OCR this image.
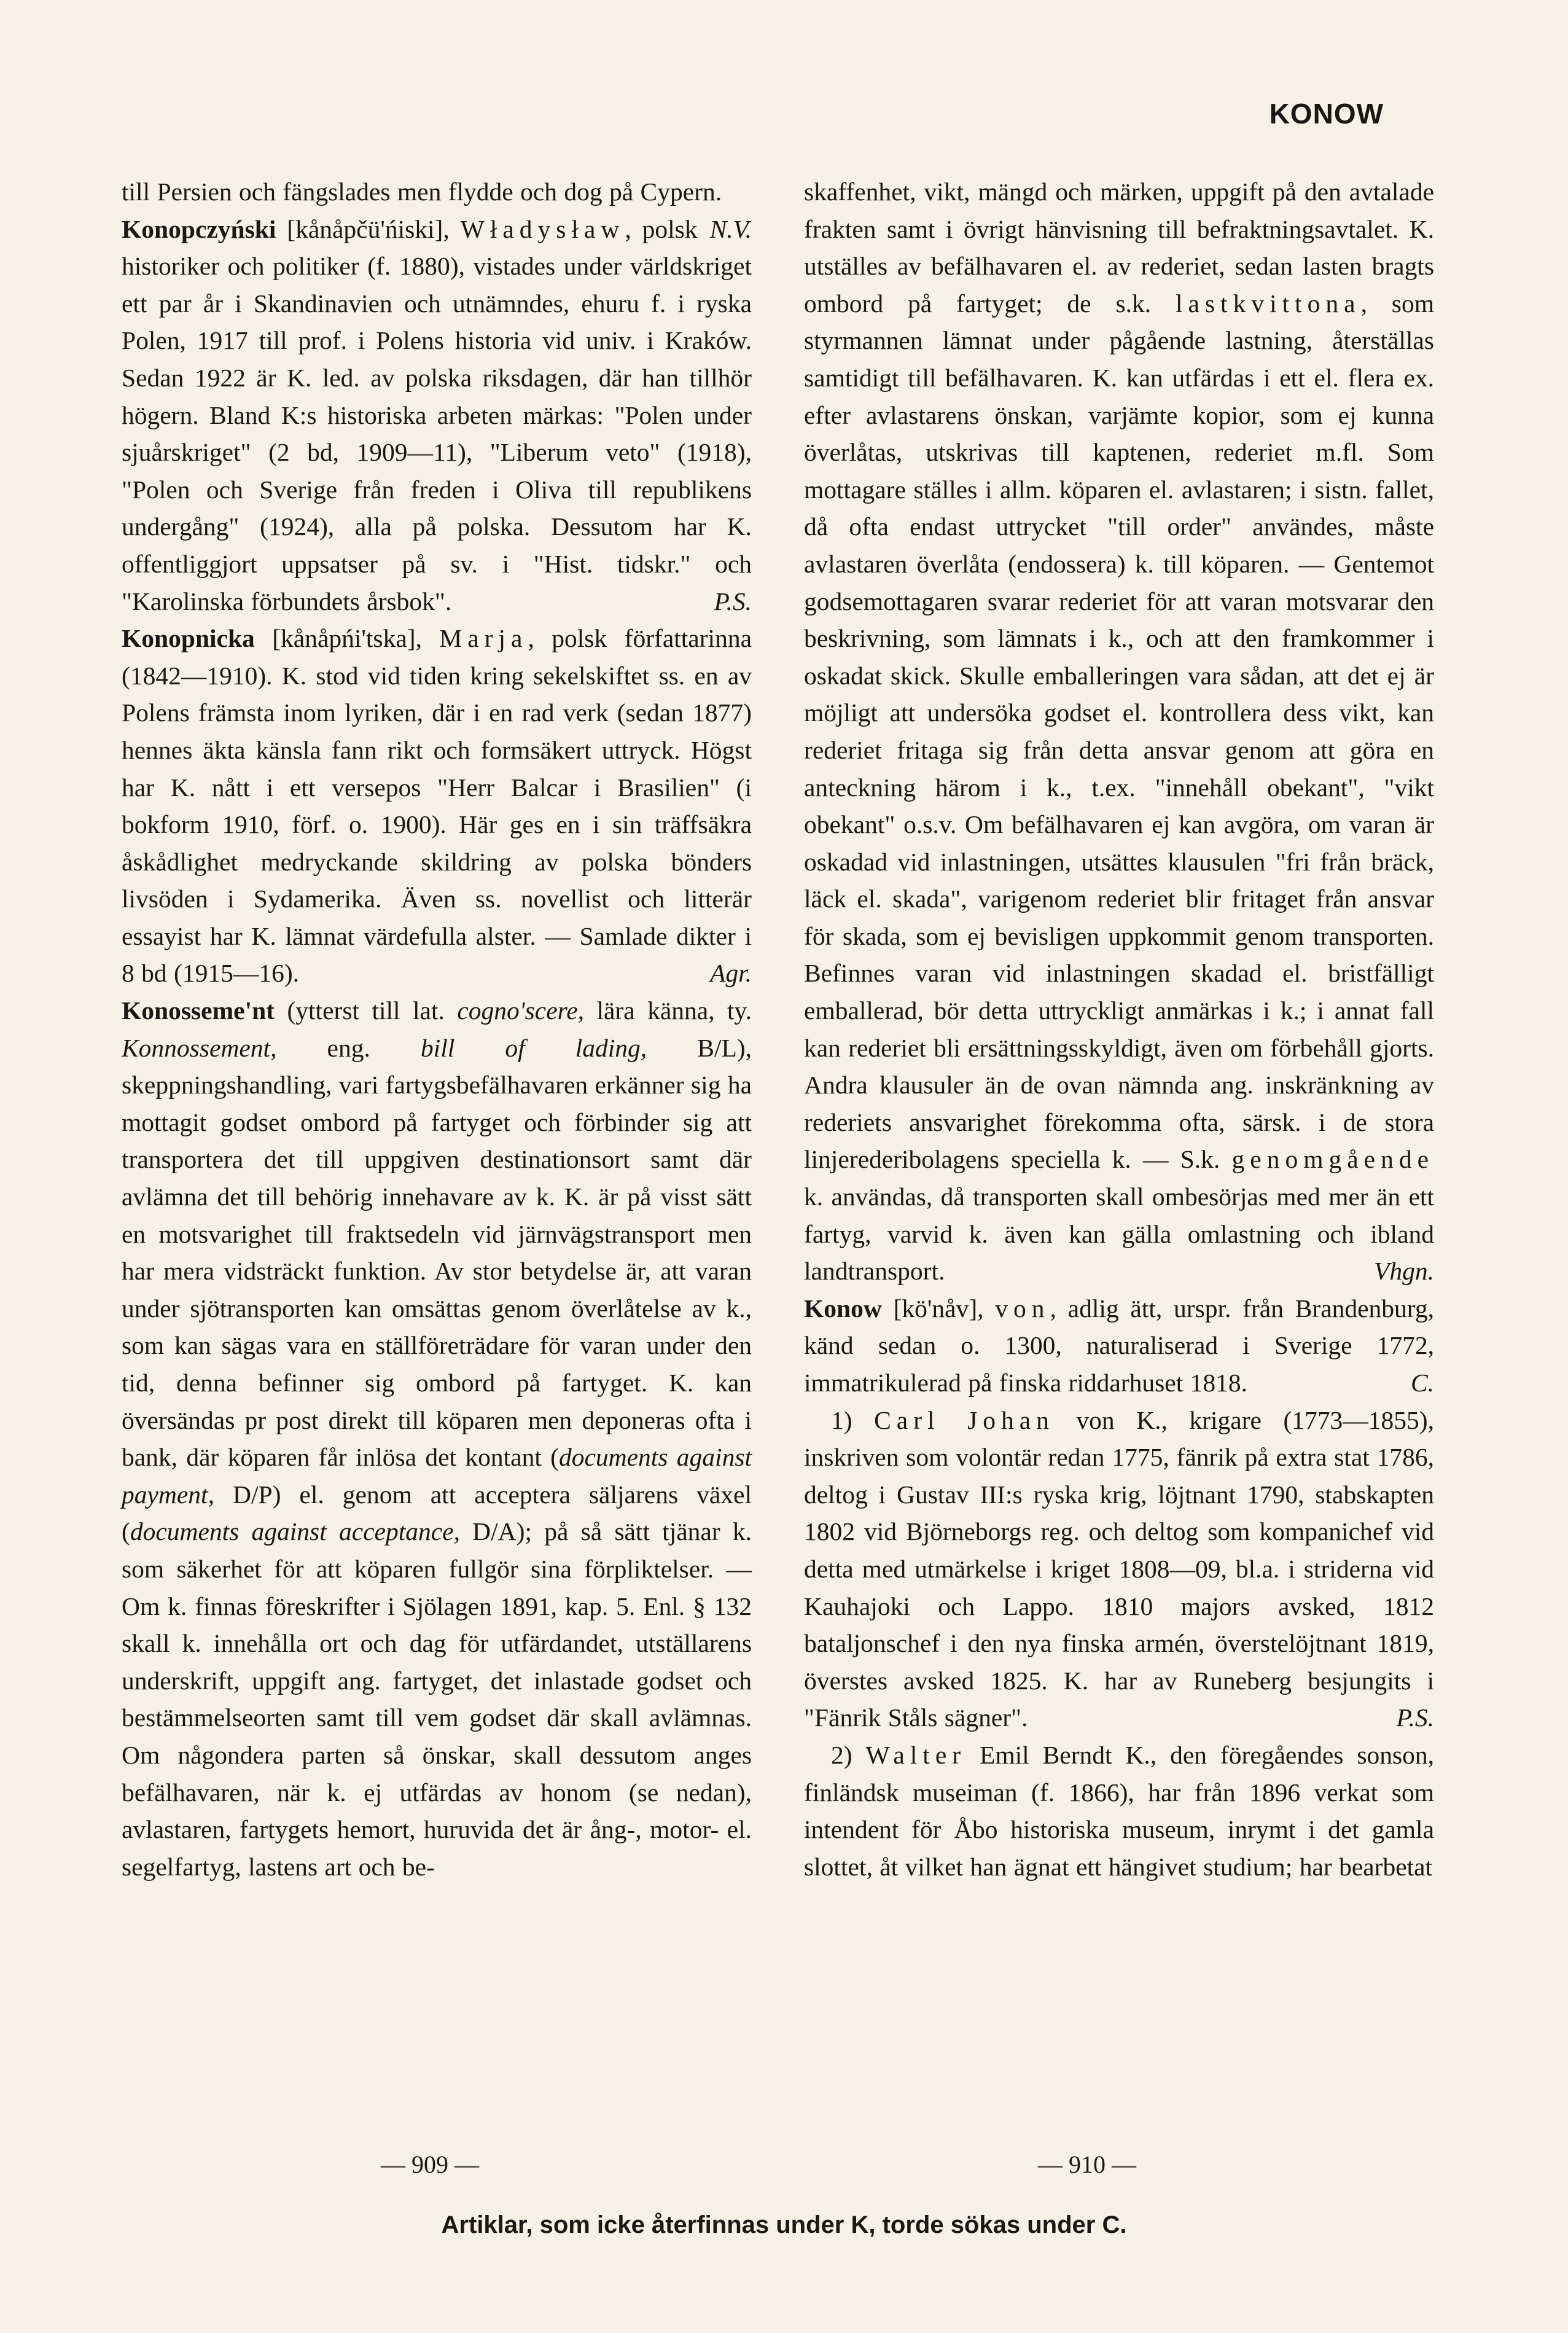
KONOW

till Persien och fängslades men flydde och dog på Cypern.
N.V.

Konopczyński [kånåpčü'ńiski], Władysław, polsk historiker och politiker (f. 1880), vistades under världskriget ett par år i Skandinavien och utnämndes, ehuru f. i ryska Polen, 1917 till prof. i Polens historia vid univ. i Kraków. Sedan 1922 är K. led. av polska riksdagen, där han tillhör högern. Bland K:s historiska arbeten märkas: "Polen under sjuårskriget" (2 bd, 1909—11), "Liberum veto" (1918), "Polen och Sverige från freden i Oliva till republikens undergång" (1924), alla på polska. Dessutom har K. offentliggjort uppsatser på sv. i "Hist. tidskr." och "Karolinska förbundets årsbok".	P.S.

Konopnicka [kånåpńi'tska], Marja, polsk författarinna (1842—1910). K. stod vid tiden kring sekelskiftet ss. en av Polens främsta inom lyriken, där i en rad verk (sedan 1877) hennes äkta känsla fann rikt och formsäkert uttryck. Högst har K. nått i ett versepos "Herr Balcar i Brasilien" (i bokform 1910, förf. o. 1900). Här ges en i sin träffsäkra åskådlighet medryckande skildring av polska bönders livsöden i Sydamerika. Även ss. novellist och litterär essayist har K. lämnat värdefulla alster. — Samlade dikter i 8 bd (1915—16).	Agr.

Konosseme'nt (ytterst till lat. cogno'scere, lära känna, ty. Konnossement, eng. bill of lading, B/L), skeppningshandling, vari fartygsbefälhavaren erkänner sig ha mottagit godset ombord på fartyget och förbinder sig att transportera det till uppgiven destinationsort samt där avlämna det till behörig innehavare av k. K. är på visst sätt en motsvarighet till fraktsedeln vid järnvägstransport men har mera vidsträckt funktion. Av stor betydelse är, att varan under sjötransporten kan omsättas genom överlåtelse av k., som kan sägas vara en ställföreträdare för varan under den tid, denna befinner sig ombord på fartyget. K. kan översändas pr post direkt till köparen men deponeras ofta i bank, där köparen får inlösa det kontant (documents against payment, D/P) el. genom att acceptera säljarens växel (documents against acceptance, D/A); på så sätt tjänar k. som säkerhet för att köparen fullgör sina förpliktelser. — Om k. finnas föreskrifter i Sjölagen 1891, kap. 5. Enl. § 132 skall k. innehålla ort och dag för utfärdandet, utställarens underskrift, uppgift ang. fartyget, det inlastade godset och bestämmelseorten samt till vem godset där skall avlämnas. Om någondera parten så önskar, skall dessutom anges befälhavaren, när k. ej utfärdas av honom (se nedan), avlastaren, fartygets hemort, huruvida det är ång-, motor- el. segelfartyg, lastens art och be-

skaffenhet, vikt, mängd och märken, uppgift på den avtalade frakten samt i övrigt hänvisning till befraktningsavtalet. K. utställes av befälhavaren el. av rederiet, sedan lasten bragts ombord på fartyget; de s.k. lastkvittona, som styrmannen lämnat under pågående lastning, återställas samtidigt till befälhavaren. K. kan utfärdas i ett el. flera ex. efter avlastarens önskan, varjämte kopior, som ej kunna överlåtas, utskrivas till kaptenen, rederiet m.fl. Som mottagare ställes i allm. köparen el. avlastaren; i sistn. fallet, då ofta endast uttrycket "till order" användes, måste avlastaren överlåta (endossera) k. till köparen. — Gentemot godsemottagaren svarar rederiet för att varan motsvarar den beskrivning, som lämnats i k., och att den framkommer i oskadat skick. Skulle emballeringen vara sådan, att det ej är möjligt att undersöka godset el. kontrollera dess vikt, kan rederiet fritaga sig från detta ansvar genom att göra en anteckning härom i k., t.ex. "innehåll obekant", "vikt obekant" o.s.v. Om befälhavaren ej kan avgöra, om varan är oskadad vid inlastningen, utsättes klausulen "fri från bräck, läck el. skada", varigenom rederiet blir fritaget från ansvar för skada, som ej bevisligen uppkommit genom transporten. Befinnes varan vid inlastningen skadad el. bristfälligt emballerad, bör detta uttryckligt anmärkas i k.; i annat fall kan rederiet bli ersättningsskyldigt, även om förbehåll gjorts. Andra klausuler än de ovan nämnda ang. inskränkning av rederiets ansvarighet förekomma ofta, särsk. i de stora linjerederibolagens speciella k. — S.k. genomgående k. användas, då transporten skall ombesörjas med mer än ett fartyg, varvid k. även kan gälla omlastning och ibland landtransport.	Vhgn.

Konow [kö'nåv], von, adlig ätt, urspr. från Brandenburg, känd sedan o. 1300, naturaliserad i Sverige 1772, immatrikulerad på finska riddarhuset 1818.	C.

1) Carl Johan von K., krigare (1773—1855), inskriven som volontär redan 1775, fänrik på extra stat 1786, deltog i Gustav III:s ryska krig, löjtnant 1790, stabskapten 1802 vid Björneborgs reg. och deltog som kompanichef vid detta med utmärkelse i kriget 1808—09, bl.a. i striderna vid Kauhajoki och Lappo. 1810 majors avsked, 1812 bataljonschef i den nya finska armén, överstelöjtnant 1819, överstes avsked 1825. K. har av Runeberg besjungits i "Fänrik Ståls sägner".	P.S.

2) Walter Emil Berndt K., den föregåendes sonson, finländsk museiman (f. 1866), har från 1896 verkat som intendent för Åbo historiska museum, inrymt i det gamla slottet, åt vilket han ägnat ett hängivet studium; har bearbetat

— 909 —	— 910 —
Artiklar, som icke återfinnas under K, torde sökas under C.
